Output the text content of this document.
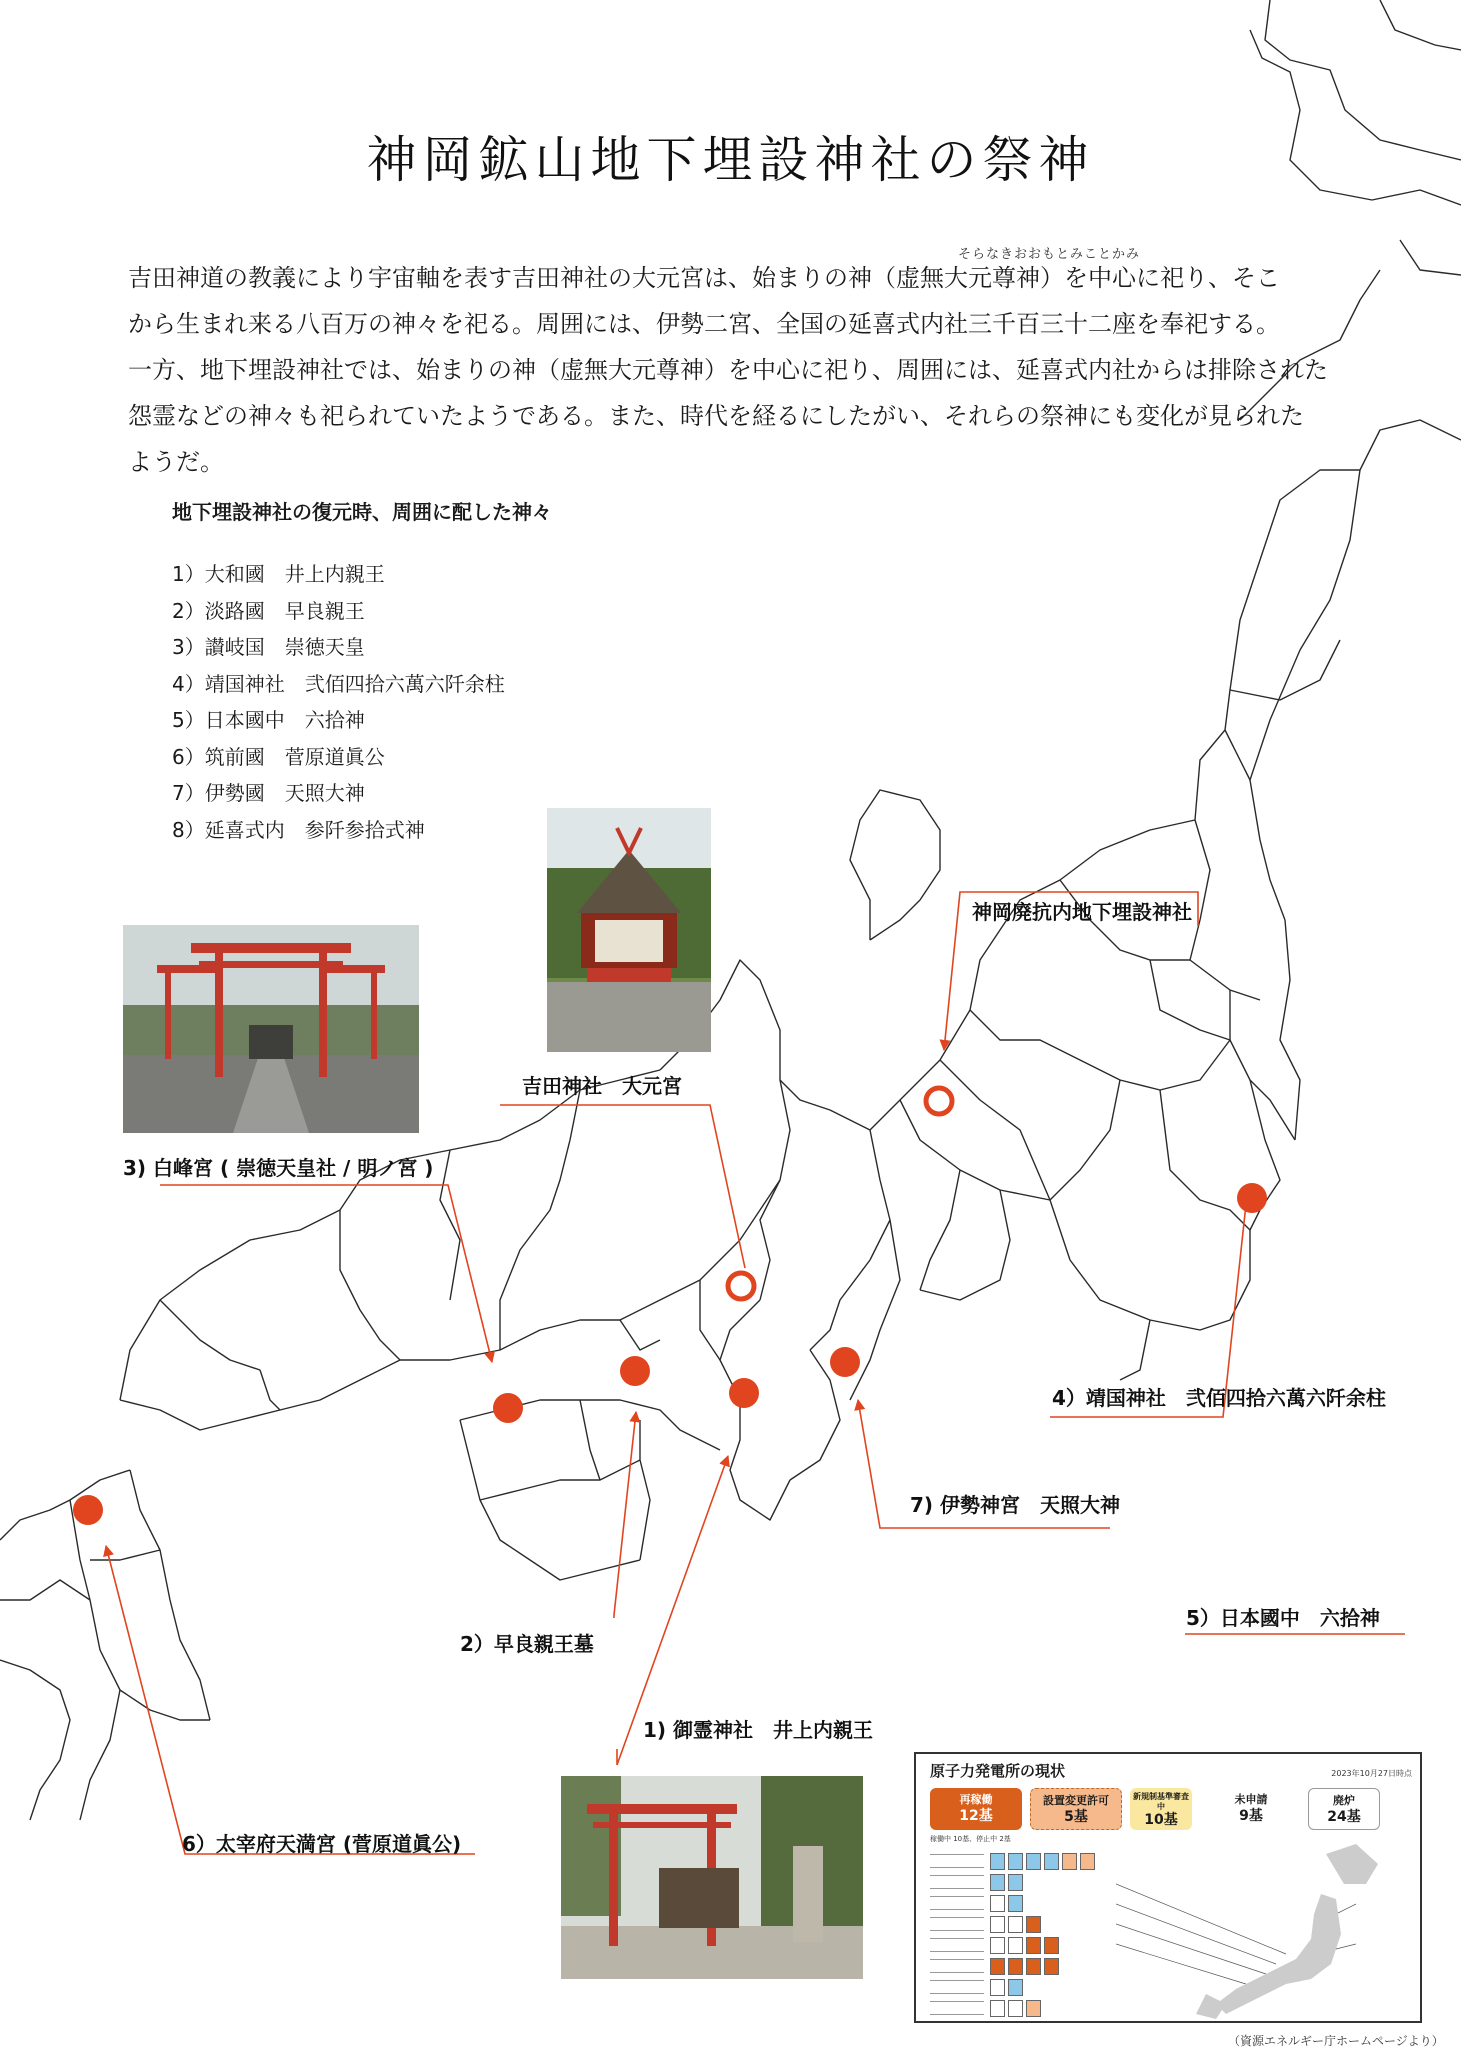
神岡鉱山地下埋設神社の祭神
そらなきおおもとみことかみ

吉田神道の教義により宇宙軸を表す吉田神社の大元宮は、始まりの神（虚無大元尊神）を中心に祀り、そこ

から生まれ来る八百万の神々を祀る。周囲には、伊勢二宮、全国の延喜式内社三千百三十二座を奉祀する。

一方、地下埋設神社では、始まりの神（虚無大元尊神）を中心に祀り、周囲には、延喜式内社からは排除された

怨霊などの神々も祀られていたようである。また、時代を経るにしたがい、それらの祭神にも変化が見られた

ようだ。

地下埋設神社の復元時、周囲に配した神々
1）大和國　井上内親王
2）淡路國　早良親王
3）讃岐国　崇徳天皇
4）靖国神社　弐佰四拾六萬六阡余柱
5）日本國中　六拾神
6）筑前國　菅原道眞公
7）伊勢國　天照大神
8）延喜式内　参阡参拾式神
神岡廃抗内地下埋設神社
吉田神社　大元宮
3) 白峰宮 ( 崇徳天皇社 / 明ノ宮 )
4）靖国神社　弐佰四拾六萬六阡余柱
7) 伊勢神宮　天照大神
5）日本國中　六拾神
2）早良親王墓
1) 御霊神社　井上内親王
6）太宰府天満宮 (菅原道眞公)
原子力発電所の現状	2023年10月27日時点
再稼働
12基
設置変更許可
5基
新規制基準審査中
10基
未申請
9基
廃炉
24基
稼働中 10基、停止中 2基
（資源エネルギー庁ホームページより）
